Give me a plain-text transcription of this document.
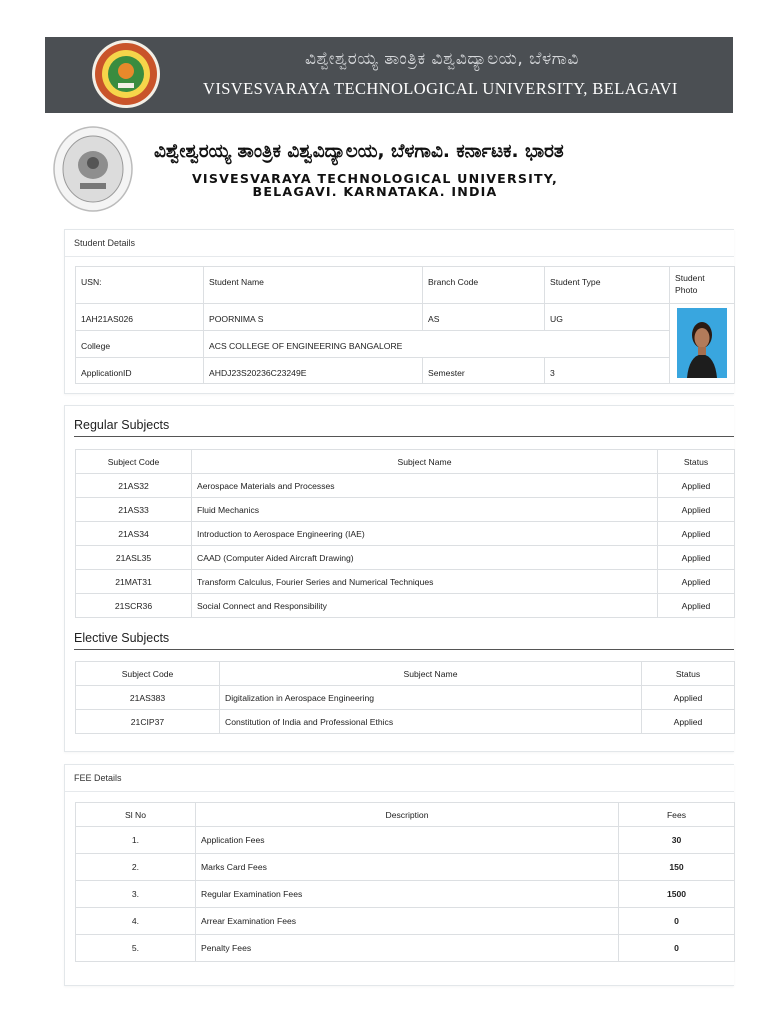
ವಿಶ್ವೇಶ್ವರಯ್ಯ ತಾಂತ್ರಿಕ ವಿಶ್ವವಿದ್ಯಾಲಯ, ಬೆಳಗಾವಿ
VISVESVARAYA TECHNOLOGICAL UNIVERSITY, BELAGAVI
ವಿಶ್ವೇಶ್ವರಯ್ಯ ತಾಂತ್ರಿಕ ವಿಶ್ವವಿದ್ಯಾಲಯ, ಬೆಳಗಾವಿ. ಕರ್ನಾಟಕ. ಭಾರತ
VISVESVARAYA TECHNOLOGICAL UNIVERSITY,
BELAGAVI. KARNATAKA. INDIA
Student Details
USN:	Student Name	Branch Code	Student Type	Student Photo
1AH21AS026	POORNIMA S	AS	UG	

College	ACS COLLEGE OF ENGINEERING BANGALORE			
ApplicationID	AHDJ23S20236C23249E	Semester	3	
Regular Subjects
Subject Code	Subject Name	Status
21AS32	Aerospace Materials and Processes	Applied
21AS33	Fluid Mechanics	Applied
21AS34	Introduction to Aerospace Engineering (IAE)	Applied
21ASL35	CAAD (Computer Aided Aircraft Drawing)	Applied
21MAT31	Transform Calculus, Fourier Series and Numerical Techniques	Applied
21SCR36	Social Connect and Responsibility	Applied
Elective Subjects
Subject Code	Subject Name	Status
21AS383	Digitalization in Aerospace Engineering	Applied
21CIP37	Constitution of India and Professional Ethics	Applied
FEE Details
Sl No	Description	Fees
1.	Application Fees	30
2.	Marks Card Fees	150
3.	Regular Examination Fees	1500
4.	Arrear Examination Fees	0
5.	Penalty Fees	0
